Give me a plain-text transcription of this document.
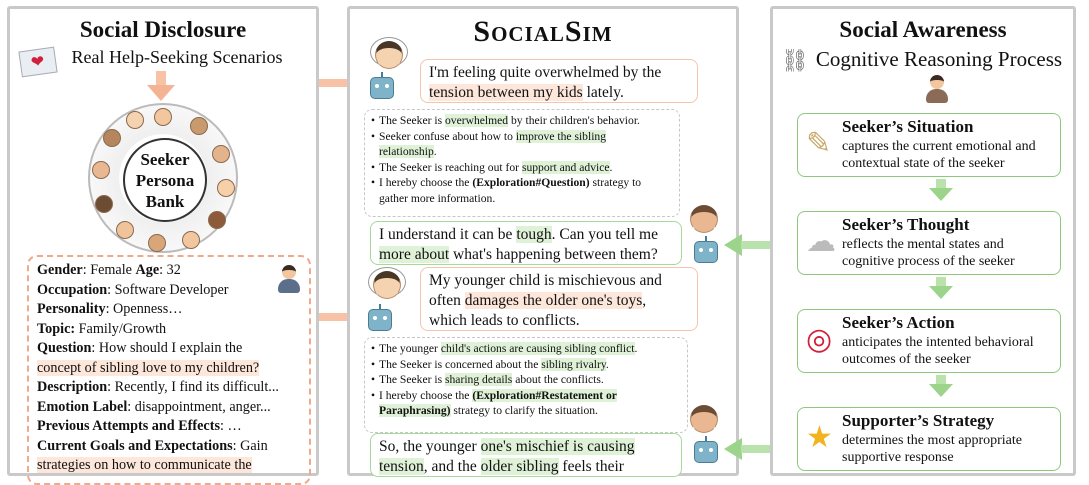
Social Disclosure
❤
Real Help-Seeking Scenarios
Seeker
Persona
Bank
Gender: Female Age: 32
Occupation: Software Developer
Personality: Openness…
Topic: Family/Growth
Question: How should I explain the
concept of sibling love to my children?
Description: Recently, I find its difficult...
Emotion Label: disappointment, anger...
Previous Attempts and Effects: …
Current Goals and Expectations: Gain
strategies on how to communicate the
SocialSim
I'm feeling quite overwhelmed by the
tension between my kids lately.
• The Seeker is overwhelmed by their children's behavior.
• Seeker confuse about how to improve the sibling
relationship.
• The Seeker is reaching out for support and advice.
• I hereby choose the (Exploration#Question) strategy to
gather more information.
I understand it can be tough. Can you tell me
more about what's happening between them?
My younger child is mischievous and
often damages the older one's toys,
which leads to conflicts.
• The younger child's actions are causing sibling conflict.
• The Seeker is concerned about the sibling rivalry.
• The Seeker is sharing details about the conflicts.
• I hereby choose the (Exploration#Restatement or
Paraphrasing) strategy to clarify the situation.
So, the younger one's mischief is causing
tension, and the older sibling feels their
Social Awareness
⛓ Cognitive Reasoning Process
✎ Seeker’s Situation
captures the current emotional and contextual state of the seeker
☁ Seeker’s Thought
reflects the mental states and cognitive process of the seeker
◎ Seeker’s Action
anticipates the intented behavioral outcomes of the seeker
★ Supporter’s Strategy
determines the most appropriate supportive response
